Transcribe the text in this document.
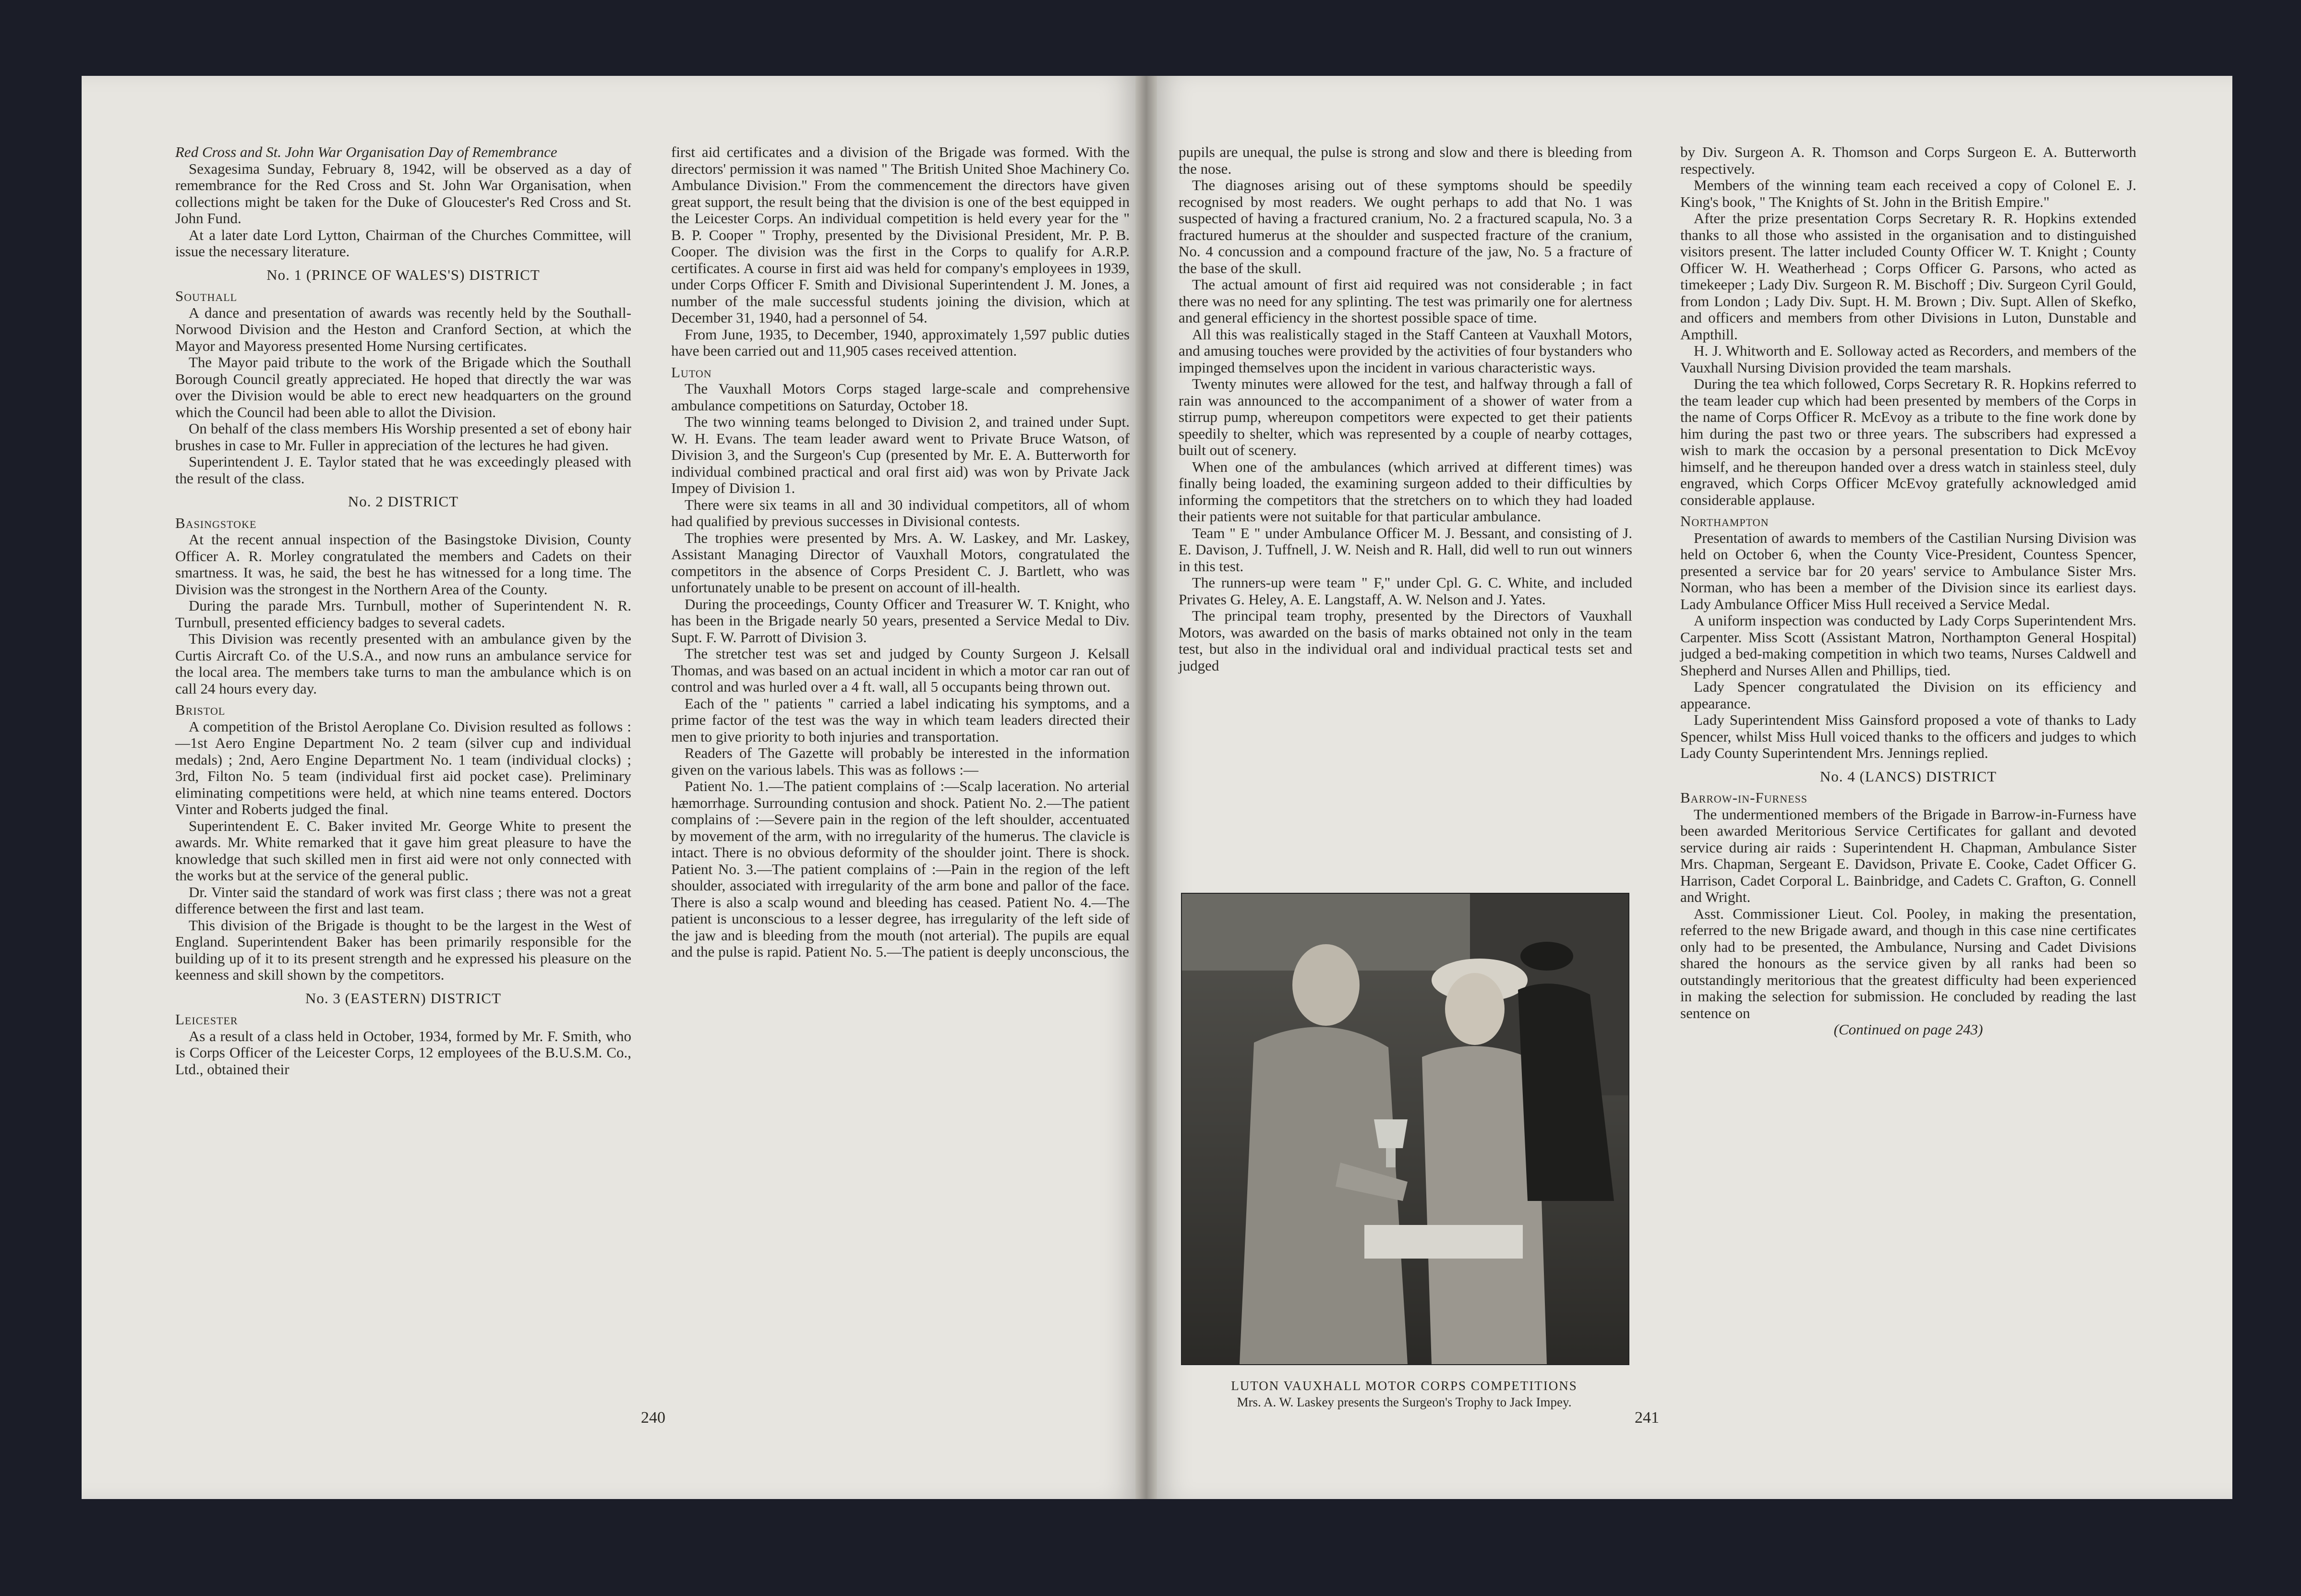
Red Cross and St. John War Organisation Day of Remembrance

Sexagesima Sunday, February 8, 1942, will be observed as a day of remembrance for the Red Cross and St. John War Organisation, when collections might be taken for the Duke of Gloucester's Red Cross and St. John Fund.

At a later date Lord Lytton, Chairman of the Churches Committee, will issue the necessary literature.

No. 1 (PRINCE OF WALES'S) DISTRICT

Southall

A dance and presentation of awards was recently held by the Southall-Norwood Division and the Heston and Cranford Section, at which the Mayor and Mayoress presented Home Nursing certificates.

The Mayor paid tribute to the work of the Brigade which the Southall Borough Council greatly appreciated. He hoped that directly the war was over the Division would be able to erect new headquarters on the ground which the Council had been able to allot the Division.

On behalf of the class members His Worship presented a set of ebony hair brushes in case to Mr. Fuller in appreciation of the lectures he had given.

Superintendent J. E. Taylor stated that he was exceedingly pleased with the result of the class.

No. 2 DISTRICT

Basingstoke

At the recent annual inspection of the Basingstoke Division, County Officer A. R. Morley congratulated the members and Cadets on their smartness. It was, he said, the best he has witnessed for a long time. The Division was the strongest in the Northern Area of the County.

During the parade Mrs. Turnbull, mother of Superintendent N. R. Turnbull, presented efficiency badges to several cadets.

This Division was recently presented with an ambulance given by the Curtis Aircraft Co. of the U.S.A., and now runs an ambulance service for the local area. The members take turns to man the ambulance which is on call 24 hours every day.

Bristol

A competition of the Bristol Aeroplane Co. Division resulted as follows :—1st Aero Engine Department No. 2 team (silver cup and individual medals) ; 2nd, Aero Engine Department No. 1 team (individual clocks) ; 3rd, Filton No. 5 team (individual first aid pocket case). Preliminary eliminating competitions were held, at which nine teams entered. Doctors Vinter and Roberts judged the final.

Superintendent E. C. Baker invited Mr. George White to present the awards. Mr. White remarked that it gave him great pleasure to have the knowledge that such skilled men in first aid were not only connected with the works but at the service of the general public.

Dr. Vinter said the standard of work was first class ; there was not a great difference between the first and last team.

This division of the Brigade is thought to be the largest in the West of England. Superintendent Baker has been primarily responsible for the building up of it to its present strength and he expressed his pleasure on the keenness and skill shown by the competitors.

No. 3 (EASTERN) DISTRICT

Leicester

As a result of a class held in October, 1934, formed by Mr. F. Smith, who is Corps Officer of the Leicester Corps, 12 employees of the B.U.S.M. Co., Ltd., obtained their

first aid certificates and a division of the Brigade was formed. With the directors' permission it was named " The British United Shoe Machinery Co. Ambulance Division." From the commencement the directors have given great support, the result being that the division is one of the best equipped in the Leicester Corps. An individual competition is held every year for the " B. P. Cooper " Trophy, presented by the Divisional President, Mr. P. B. Cooper. The division was the first in the Corps to qualify for A.R.P. certificates. A course in first aid was held for company's employees in 1939, under Corps Officer F. Smith and Divisional Superintendent J. M. Jones, a number of the male successful students joining the division, which at December 31, 1940, had a personnel of 54.

From June, 1935, to December, 1940, approximately 1,597 public duties have been carried out and 11,905 cases received attention.

Luton

The Vauxhall Motors Corps staged large-scale and comprehensive ambulance competitions on Saturday, October 18.

The two winning teams belonged to Division 2, and trained under Supt. W. H. Evans. The team leader award went to Private Bruce Watson, of Division 3, and the Surgeon's Cup (presented by Mr. E. A. Butterworth for individual combined practical and oral first aid) was won by Private Jack Impey of Division 1.

There were six teams in all and 30 individual competitors, all of whom had qualified by previous successes in Divisional contests.

The trophies were presented by Mrs. A. W. Laskey, and Mr. Laskey, Assistant Managing Director of Vauxhall Motors, congratulated the competitors in the absence of Corps President C. J. Bartlett, who was unfortunately unable to be present on account of ill-health.

During the proceedings, County Officer and Treasurer W. T. Knight, who has been in the Brigade nearly 50 years, presented a Service Medal to Div. Supt. F. W. Parrott of Division 3.

The stretcher test was set and judged by County Surgeon J. Kelsall Thomas, and was based on an actual incident in which a motor car ran out of control and was hurled over a 4 ft. wall, all 5 occupants being thrown out.

Each of the " patients " carried a label indicating his symptoms, and a prime factor of the test was the way in which team leaders directed their men to give priority to both injuries and transportation.

Readers of The Gazette will probably be interested in the information given on the various labels. This was as follows :—

Patient No. 1.—The patient complains of :—Scalp laceration. No arterial hæmorrhage. Surrounding contusion and shock. Patient No. 2.—The patient complains of :—Severe pain in the region of the left shoulder, accentuated by movement of the arm, with no irregularity of the humerus. The clavicle is intact. There is no obvious deformity of the shoulder joint. There is shock. Patient No. 3.—The patient complains of :—Pain in the region of the left shoulder, associated with irregularity of the arm bone and pallor of the face. There is also a scalp wound and bleeding has ceased. Patient No. 4.—The patient is unconscious to a lesser degree, has irregularity of the left side of the jaw and is bleeding from the mouth (not arterial). The pupils are equal and the pulse is rapid. Patient No. 5.—The patient is deeply unconscious, the

240

pupils are unequal, the pulse is strong and slow and there is bleeding from the nose.

The diagnoses arising out of these symptoms should be speedily recognised by most readers. We ought perhaps to add that No. 1 was suspected of having a fractured cranium, No. 2 a fractured scapula, No. 3 a fractured humerus at the shoulder and suspected fracture of the cranium, No. 4 concussion and a compound fracture of the jaw, No. 5 a fracture of the base of the skull.

The actual amount of first aid required was not considerable ; in fact there was no need for any splinting. The test was primarily one for alertness and general efficiency in the shortest possible space of time.

All this was realistically staged in the Staff Canteen at Vauxhall Motors, and amusing touches were provided by the activities of four bystanders who impinged themselves upon the incident in various characteristic ways.

Twenty minutes were allowed for the test, and halfway through a fall of rain was announced to the accompaniment of a shower of water from a stirrup pump, whereupon competitors were expected to get their patients speedily to shelter, which was represented by a couple of nearby cottages, built out of scenery.

When one of the ambulances (which arrived at different times) was finally being loaded, the examining surgeon added to their difficulties by informing the competitors that the stretchers on to which they had loaded their patients were not suitable for that particular ambulance.

Team " E " under Ambulance Officer M. J. Bessant, and consisting of J. E. Davison, J. Tuffnell, J. W. Neish and R. Hall, did well to run out winners in this test.

The runners-up were team " F," under Cpl. G. C. White, and included Privates G. Heley, A. E. Langstaff, A. W. Nelson and J. Yates.

The principal team trophy, presented by the Directors of Vauxhall Motors, was awarded on the basis of marks obtained not only in the team test, but also in the individual oral and individual practical tests set and judged

LUTON VAUXHALL MOTOR CORPS COMPETITIONS
Mrs. A. W. Laskey presents the Surgeon's Trophy to Jack Impey.

by Div. Surgeon A. R. Thomson and Corps Surgeon E. A. Butterworth respectively.

Members of the winning team each received a copy of Colonel E. J. King's book, " The Knights of St. John in the British Empire."

After the prize presentation Corps Secretary R. R. Hopkins extended thanks to all those who assisted in the organisation and to distinguished visitors present. The latter included County Officer W. T. Knight ; County Officer W. H. Weatherhead ; Corps Officer G. Parsons, who acted as timekeeper ; Lady Div. Surgeon R. M. Bischoff ; Div. Surgeon Cyril Gould, from London ; Lady Div. Supt. H. M. Brown ; Div. Supt. Allen of Skefko, and officers and members from other Divisions in Luton, Dunstable and Ampthill.

H. J. Whitworth and E. Solloway acted as Recorders, and members of the Vauxhall Nursing Division provided the team marshals.

During the tea which followed, Corps Secretary R. R. Hopkins referred to the team leader cup which had been presented by members of the Corps in the name of Corps Officer R. McEvoy as a tribute to the fine work done by him during the past two or three years. The subscribers had expressed a wish to mark the occasion by a personal presentation to Dick McEvoy himself, and he thereupon handed over a dress watch in stainless steel, duly engraved, which Corps Officer McEvoy gratefully acknowledged amid considerable applause.

Northampton

Presentation of awards to members of the Castilian Nursing Division was held on October 6, when the County Vice-President, Countess Spencer, presented a service bar for 20 years' service to Ambulance Sister Mrs. Norman, who has been a member of the Division since its earliest days. Lady Ambulance Officer Miss Hull received a Service Medal.

A uniform inspection was conducted by Lady Corps Superintendent Mrs. Carpenter. Miss Scott (Assistant Matron, Northampton General Hospital) judged a bed-making competition in which two teams, Nurses Caldwell and Shepherd and Nurses Allen and Phillips, tied.

Lady Spencer congratulated the Division on its efficiency and appearance.

Lady Superintendent Miss Gainsford proposed a vote of thanks to Lady Spencer, whilst Miss Hull voiced thanks to the officers and judges to which Lady County Superintendent Mrs. Jennings replied.

No. 4 (LANCS) DISTRICT

Barrow-in-Furness

The undermentioned members of the Brigade in Barrow-in-Furness have been awarded Meritorious Service Certificates for gallant and devoted service during air raids : Superintendent H. Chapman, Ambulance Sister Mrs. Chapman, Sergeant E. Davidson, Private E. Cooke, Cadet Officer G. Harrison, Cadet Corporal L. Bainbridge, and Cadets C. Grafton, G. Connell and Wright.

Asst. Commissioner Lieut. Col. Pooley, in making the presentation, referred to the new Brigade award, and though in this case nine certificates only had to be presented, the Ambulance, Nursing and Cadet Divisions shared the honours as the service given by all ranks had been so outstandingly meritorious that the greatest difficulty had been experienced in making the selection for submission. He concluded by reading the last sentence on

(Continued on page 243)

241
